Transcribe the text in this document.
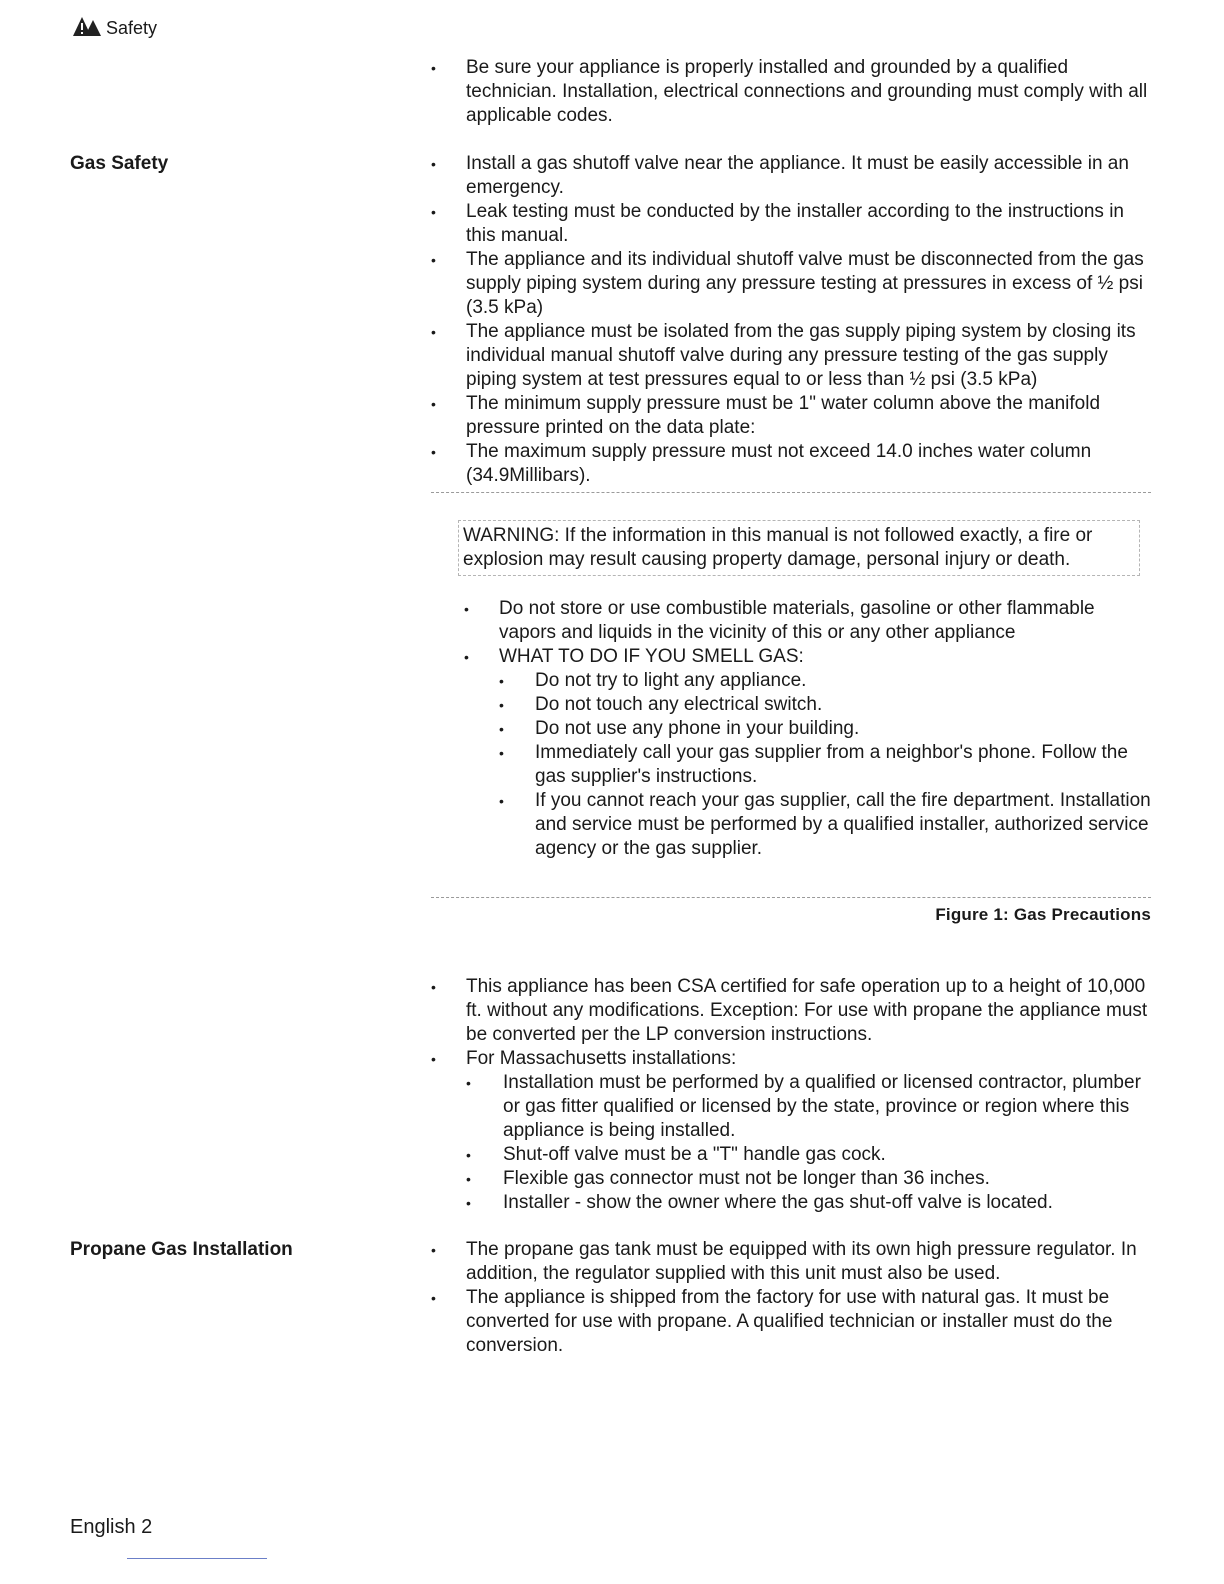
Safety
• Be sure your appliance is properly installed and grounded by a qualified technician. Installation, electrical connections and grounding must comply with all applicable codes.
Gas Safety	• Install a gas shutoff valve near the appliance. It must be easily accessible in an emergency.
• Leak testing must be conducted by the installer according to the instructions in this manual.
• The appliance and its individual shutoff valve must be disconnected from the gas supply piping system during any pressure testing at pressures in excess of ½ psi (3.5 kPa)
• The appliance must be isolated from the gas supply piping system by closing its individual manual shutoff valve during any pressure testing of the gas supply piping system at test pressures equal to or less than ½ psi (3.5 kPa)
• The minimum supply pressure must be 1" water column above the manifold pressure printed on the data plate:
• The maximum supply pressure must not exceed 14.0 inches water column (34.9Millibars).
WARNING: If the information in this manual is not followed exactly, a fire or explosion may result causing property damage, personal injury or death.
• Do not store or use combustible materials, gasoline or other flammable vapors and liquids in the vicinity of this or any other appliance
• WHAT TO DO IF YOU SMELL GAS:
• Do not try to light any appliance.
• Do not touch any electrical switch.
• Do not use any phone in your building.
• Immediately call your gas supplier from a neighbor's phone. Follow the gas supplier's instructions.
• If you cannot reach your gas supplier, call the fire department. Installation and service must be performed by a qualified installer, authorized service agency or the gas supplier.
Figure 1: Gas Precautions
• This appliance has been CSA certified for safe operation up to a height of 10,000 ft. without any modifications. Exception: For use with propane the appliance must be converted per the LP conversion instructions.
• For Massachusetts installations:
• Installation must be performed by a qualified or licensed contractor, plumber or gas fitter qualified or licensed by the state, province or region where this appliance is being installed.
• Shut-off valve must be a "T" handle gas cock.
• Flexible gas connector must not be longer than 36 inches.
• Installer - show the owner where the gas shut-off valve is located.
Propane Gas Installation	• The propane gas tank must be equipped with its own high pressure regulator. In addition, the regulator supplied with this unit must also be used.
• The appliance is shipped from the factory for use with natural gas. It must be converted for use with propane. A qualified technician or installer must do the conversion.
English 2
